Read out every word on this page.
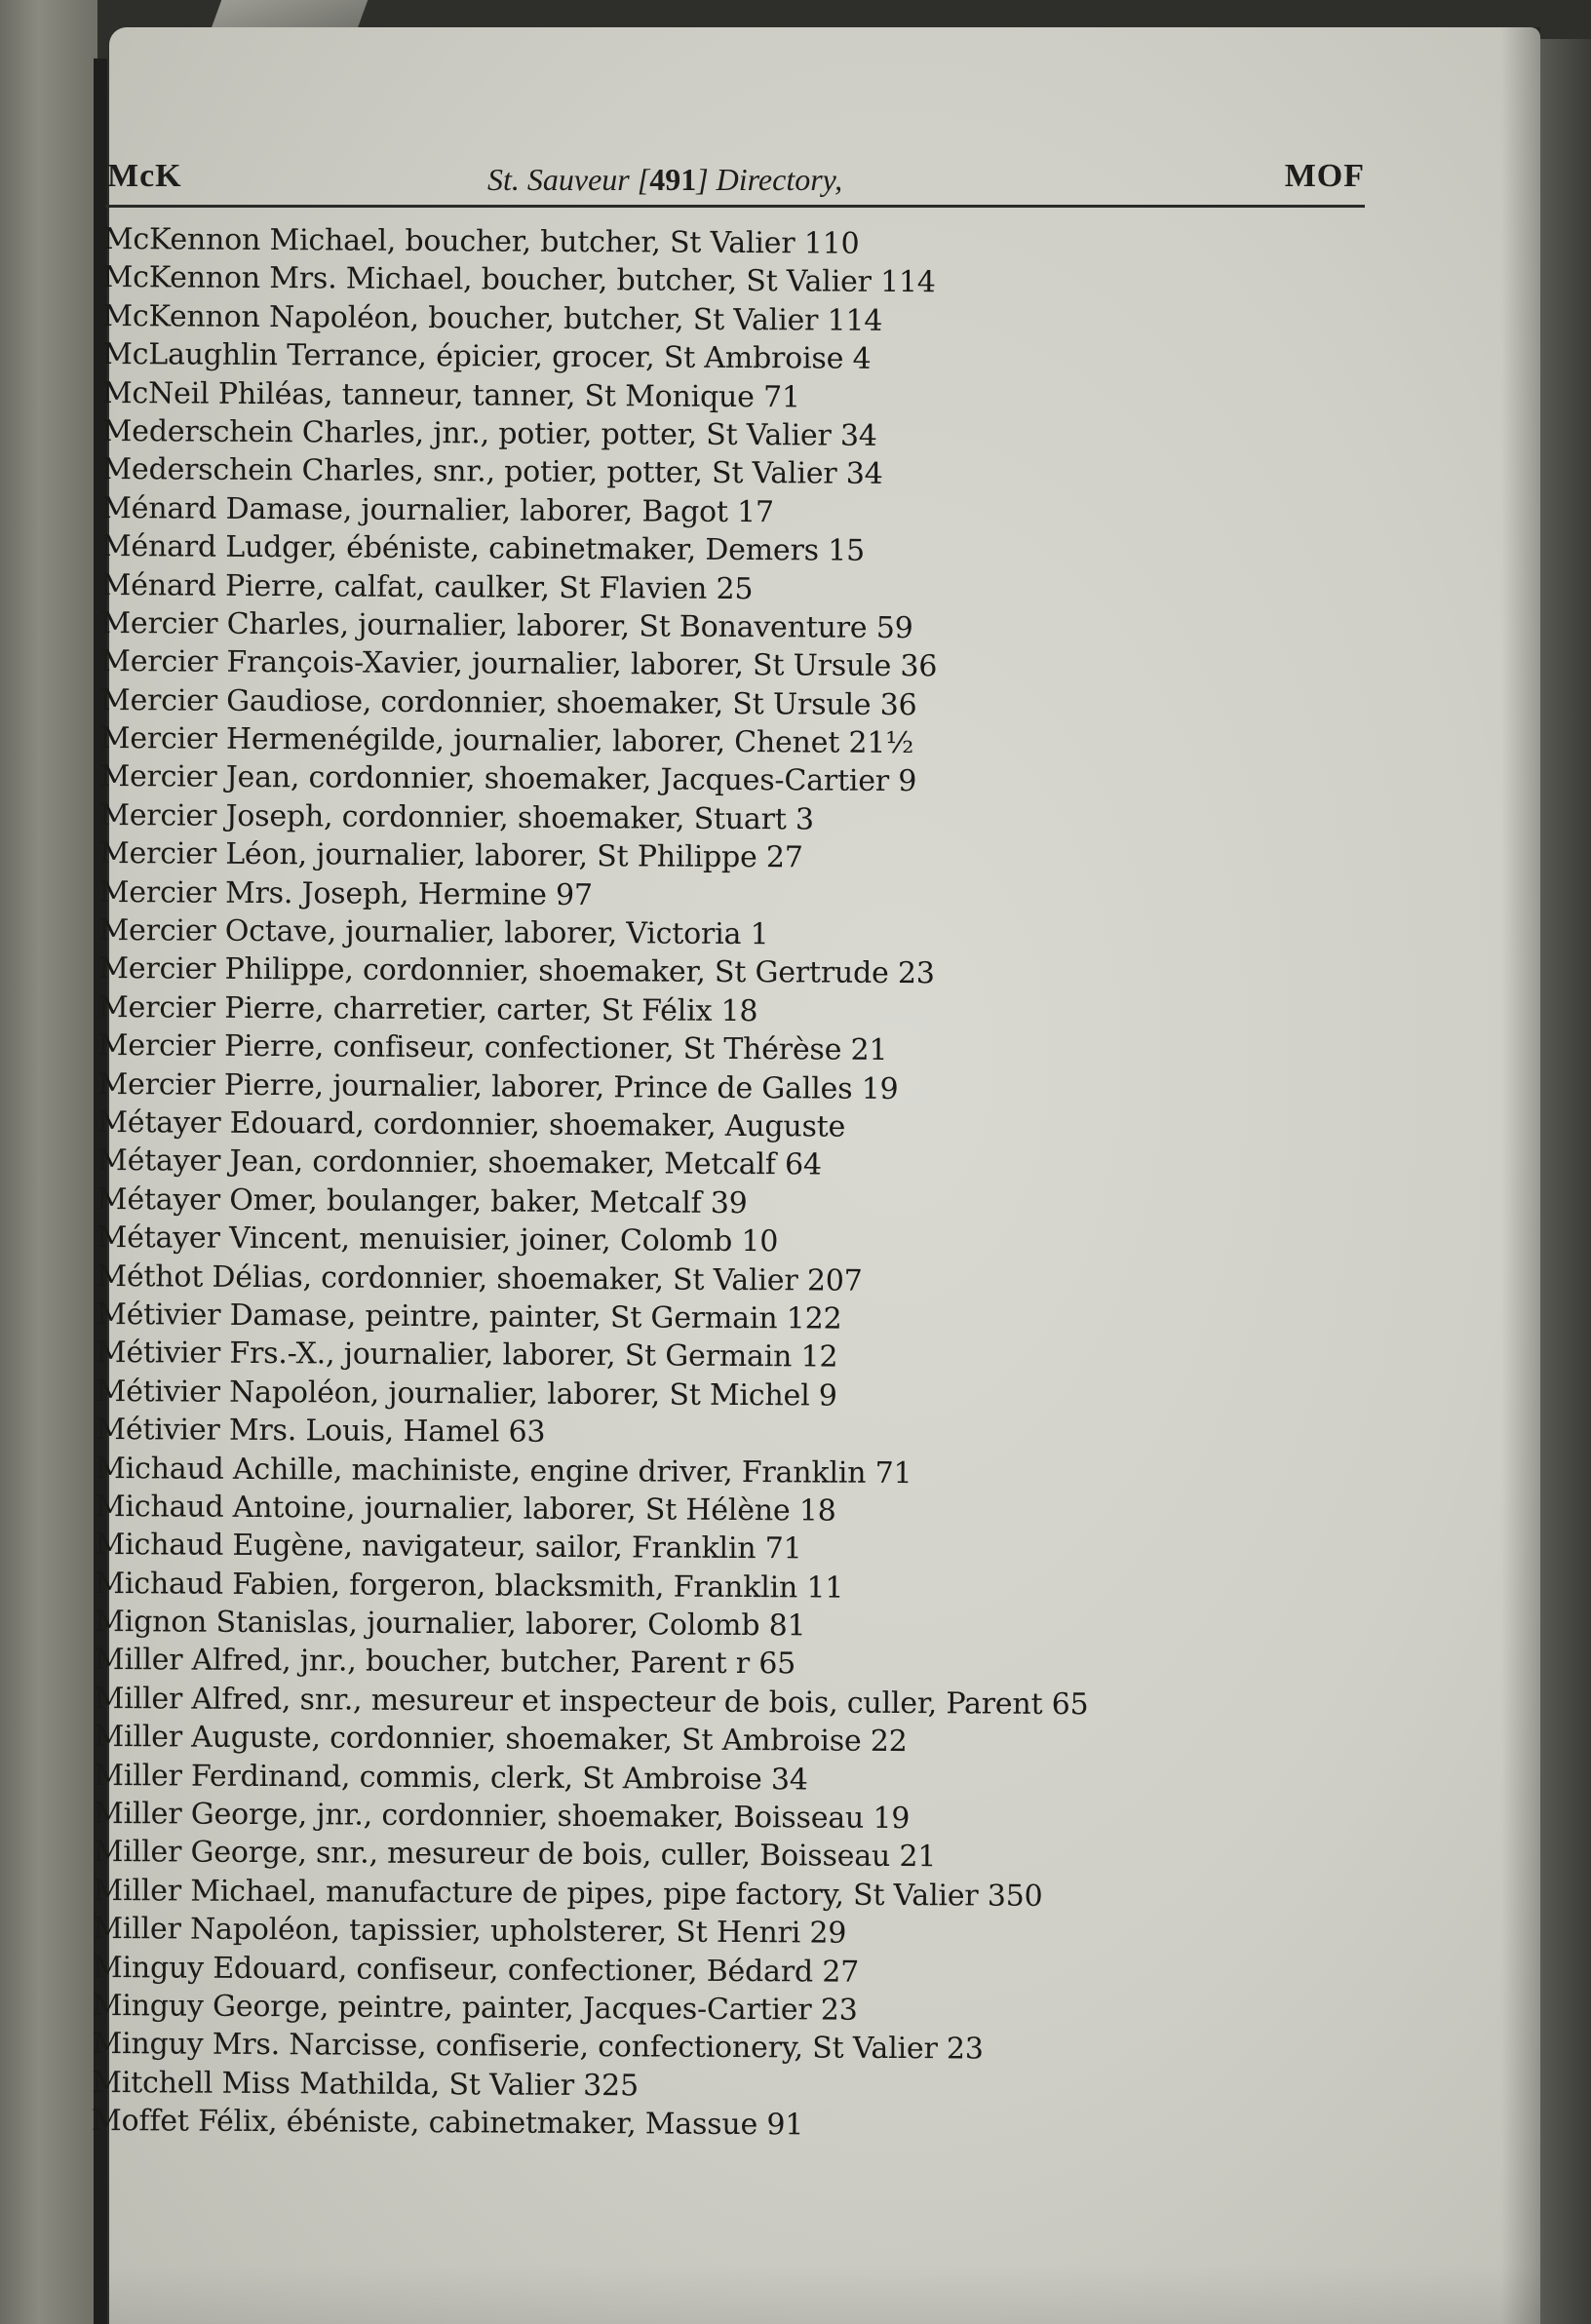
McK	St. Sauveur [491] Directory,	MOF
McKennon Michael, boucher, butcher, St Valier 110
McKennon Mrs. Michael, boucher, butcher, St Valier 114
McKennon Napoléon, boucher, butcher, St Valier 114
McLaughlin Terrance, épicier, grocer, St Ambroise 4
McNeil Philéas, tanneur, tanner, St Monique 71
Mederschein Charles, jnr., potier, potter, St Valier 34
Mederschein Charles, snr., potier, potter, St Valier 34
Ménard Damase, journalier, laborer, Bagot 17
Ménard Ludger, ébéniste, cabinetmaker, Demers 15
Ménard Pierre, calfat, caulker, St Flavien 25
Mercier Charles, journalier, laborer, St Bonaventure 59
Mercier François-Xavier, journalier, laborer, St Ursule 36
Mercier Gaudiose, cordonnier, shoemaker, St Ursule 36
Mercier Hermenégilde, journalier, laborer, Chenet 21½
Mercier Jean, cordonnier, shoemaker, Jacques-Cartier 9
Mercier Joseph, cordonnier, shoemaker, Stuart 3
Mercier Léon, journalier, laborer, St Philippe 27
Mercier Mrs. Joseph, Hermine 97
Mercier Octave, journalier, laborer, Victoria 1
Mercier Philippe, cordonnier, shoemaker, St Gertrude 23
Mercier Pierre, charretier, carter, St Félix 18
Mercier Pierre, confiseur, confectioner, St Thérèse 21
Mercier Pierre, journalier, laborer, Prince de Galles 19
Métayer Edouard, cordonnier, shoemaker, Auguste
Métayer Jean, cordonnier, shoemaker, Metcalf 64
Métayer Omer, boulanger, baker, Metcalf 39
Métayer Vincent, menuisier, joiner, Colomb 10
Méthot Délias, cordonnier, shoemaker, St Valier 207
Métivier Damase, peintre, painter, St Germain 122
Métivier Frs.-X., journalier, laborer, St Germain 12
Métivier Napoléon, journalier, laborer, St Michel 9
Métivier Mrs. Louis, Hamel 63
Michaud Achille, machiniste, engine driver, Franklin 71
Michaud Antoine, journalier, laborer, St Hélène 18
Michaud Eugène, navigateur, sailor, Franklin 71
Michaud Fabien, forgeron, blacksmith, Franklin 11
Mignon Stanislas, journalier, laborer, Colomb 81
Miller Alfred, jnr., boucher, butcher, Parent r 65
Miller Alfred, snr., mesureur et inspecteur de bois, culler, Parent 65
Miller Auguste, cordonnier, shoemaker, St Ambroise 22
Miller Ferdinand, commis, clerk, St Ambroise 34
Miller George, jnr., cordonnier, shoemaker, Boisseau 19
Miller George, snr., mesureur de bois, culler, Boisseau 21
Miller Michael, manufacture de pipes, pipe factory, St Valier 350
Miller Napoléon, tapissier, upholsterer, St Henri 29
Minguy Edouard, confiseur, confectioner, Bédard 27
Minguy George, peintre, painter, Jacques-Cartier 23
Minguy Mrs. Narcisse, confiserie, confectionery, St Valier 23
Mitchell Miss Mathilda, St Valier 325
Moffet Félix, ébéniste, cabinetmaker, Massue 91
